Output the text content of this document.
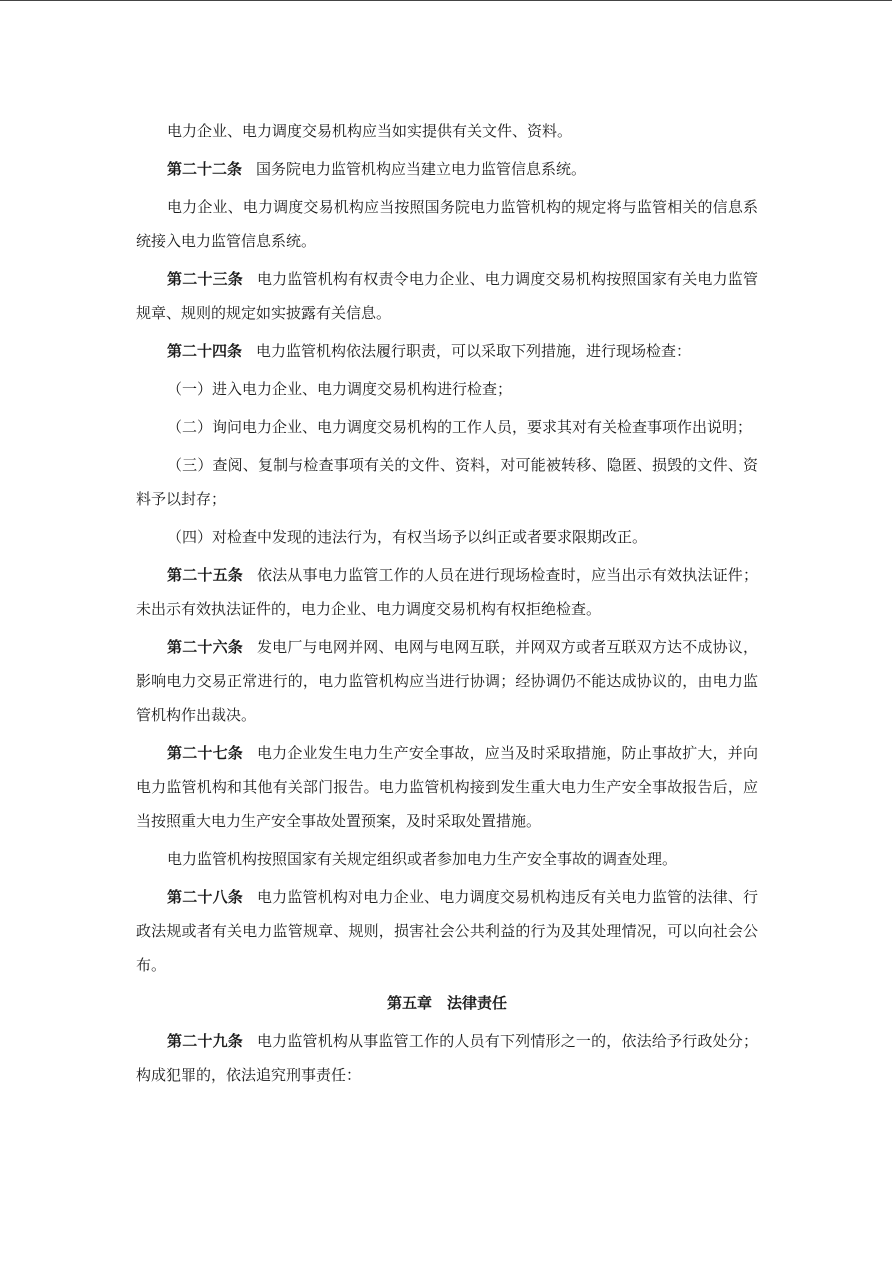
电力企业、电力调度交易机构应当如实提供有关文件、资料。

第二十二条 国务院电力监管机构应当建立电力监管信息系统。

电力企业、电力调度交易机构应当按照国务院电力监管机构的规定将与监管相关的信息系统接入电力监管信息系统。

第二十三条 电力监管机构有权责令电力企业、电力调度交易机构按照国家有关电力监管规章、规则的规定如实披露有关信息。

第二十四条 电力监管机构依法履行职责，可以采取下列措施，进行现场检查：

（一）进入电力企业、电力调度交易机构进行检查；

（二）询问电力企业、电力调度交易机构的工作人员，要求其对有关检查事项作出说明；

（三）查阅、复制与检查事项有关的文件、资料，对可能被转移、隐匿、损毁的文件、资料予以封存；

（四）对检查中发现的违法行为，有权当场予以纠正或者要求限期改正。

第二十五条 依法从事电力监管工作的人员在进行现场检查时，应当出示有效执法证件；未出示有效执法证件的，电力企业、电力调度交易机构有权拒绝检查。

第二十六条 发电厂与电网并网、电网与电网互联，并网双方或者互联双方达不成协议，影响电力交易正常进行的，电力监管机构应当进行协调；经协调仍不能达成协议的，由电力监管机构作出裁决。

第二十七条 电力企业发生电力生产安全事故，应当及时采取措施，防止事故扩大，并向电力监管机构和其他有关部门报告。电力监管机构接到发生重大电力生产安全事故报告后，应当按照重大电力生产安全事故处置预案，及时采取处置措施。

电力监管机构按照国家有关规定组织或者参加电力生产安全事故的调查处理。

第二十八条 电力监管机构对电力企业、电力调度交易机构违反有关电力监管的法律、行政法规或者有关电力监管规章、规则，损害社会公共利益的行为及其处理情况，可以向社会公布。

第五章　法律责任

第二十九条 电力监管机构从事监管工作的人员有下列情形之一的，依法给予行政处分；构成犯罪的，依法追究刑事责任：
